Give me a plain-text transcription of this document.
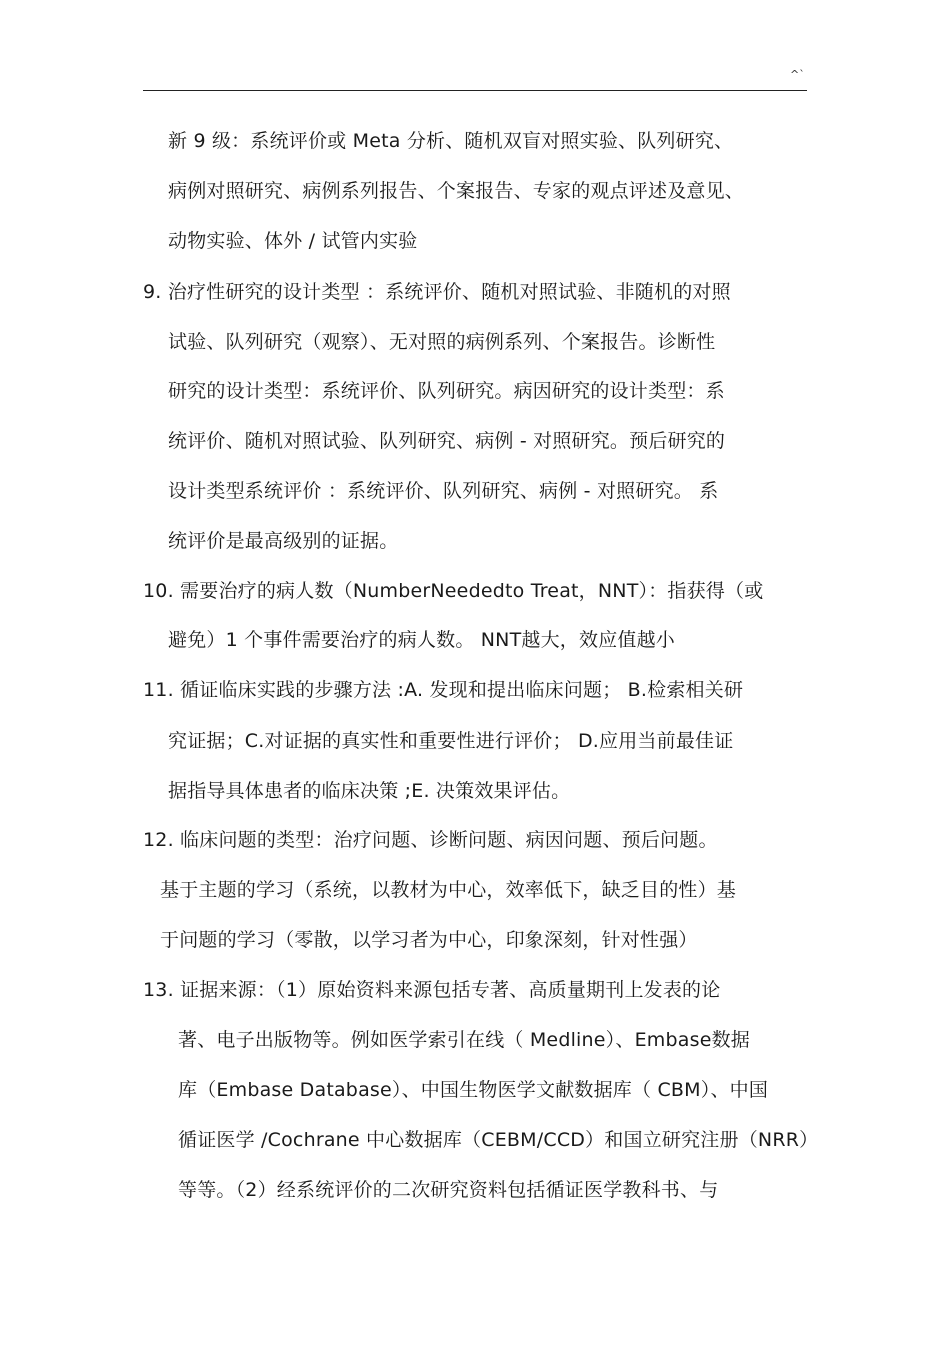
^`
新 9 级：系统评价或 Meta 分析、随机双盲对照实验、队列研究、
病例对照研究、病例系列报告、个案报告、专家的观点评述及意见、
动物实验、体外 / 试管内实验
9. 治疗性研究的设计类型 ：系统评价、随机对照试验、非随机的对照
试验、队列研究（观察）、无对照的病例系列、个案报告。诊断性
研究的设计类型：系统评价、队列研究。病因研究的设计类型：系
统评价、随机对照试验、队列研究、病例 - 对照研究。预后研究的
设计类型系统评价 ：系统评价、队列研究、病例 - 对照研究。 系
统评价是最高级别的证据。
10. 需要治疗的病人数（NumberNeededto Treat，NNT）：指获得（或
避免）1 个事件需要治疗的病人数。 NNT越大，效应值越小
11. 循证临床实践的步骤方法 :A. 发现和提出临床问题； B.检索相关研
究证据；C.对证据的真实性和重要性进行评价； D.应用当前最佳证
据指导具体患者的临床决策 ;E. 决策效果评估。
12. 临床问题的类型：治疗问题、诊断问题、病因问题、预后问题。
基于主题的学习（系统，以教材为中心，效率低下，缺乏目的性）基
于问题的学习（零散，以学习者为中心，印象深刻，针对性强）
13. 证据来源：（1）原始资料来源包括专著、高质量期刊上发表的论
著、电子出版物等。例如医学索引在线（ Medline）、Embase数据
库（Embase Database）、中国生物医学文献数据库（ CBM）、中国
循证医学 /Cochrane 中心数据库（CEBM/CCD）和国立研究注册（NRR）
等等。（2）经系统评价的二次研究资料包括循证医学教科书、与
